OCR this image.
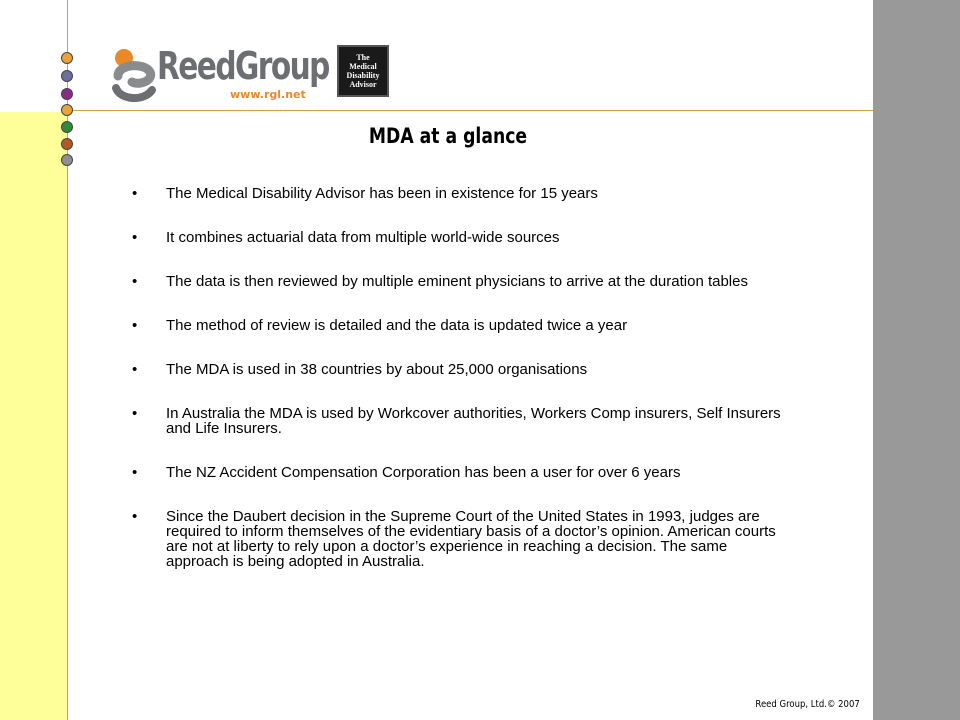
ReedGroup
www.rgl.net
The
Medical
Disability
Advisor
MDA at a glance
• The Medical Disability Advisor has been in existence for 15 years
• It combines actuarial data from multiple world-wide sources
• The data is then reviewed by multiple eminent physicians to arrive at the duration tables
• The method of review is detailed and the data is updated twice a year
• The MDA is used in 38 countries by about 25,000 organisations
• In Australia the MDA is used by Workcover authorities, Workers Comp insurers, Self Insurers and Life Insurers.
• The NZ Accident Compensation Corporation has been a user for over 6 years
• Since the Daubert decision in the Supreme Court of the United States in 1993, judges are required to inform themselves of the evidentiary basis of a doctor’s opinion. American courts are not at liberty to rely upon a doctor’s experience in reaching a decision. The same approach is being adopted in Australia.
Reed Group, Ltd.© 2007
